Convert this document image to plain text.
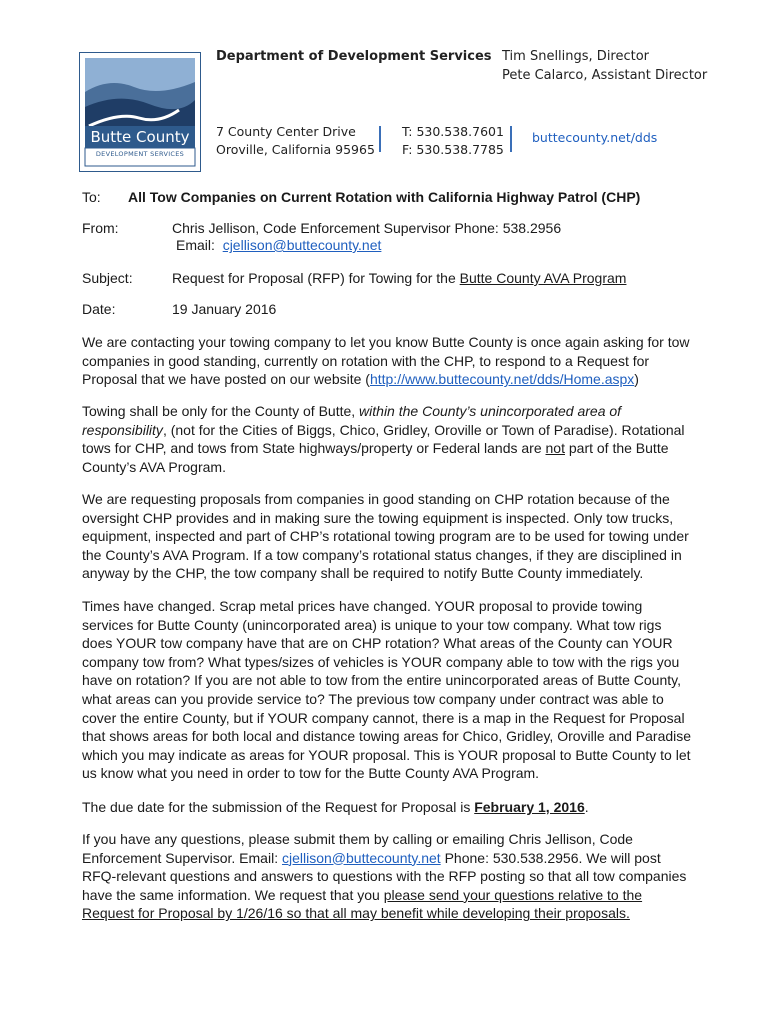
Butte County
DEVELOPMENT SERVICES
Department of Development Services Tim Snellings, Director
Pete Calarco, Assistant Director
7 County Center Drive
Oroville, California 95965
T: 530.538.7601
F: 530.538.7785
buttecounty.net/dds
To: All Tow Companies on Current Rotation with California Highway Patrol (CHP)
From:	Chris Jellison, Code Enforcement Supervisor Phone: 538.2956
Email: cjellison@buttecounty.net
Subject:	Request for Proposal (RFP) for Towing for the Butte County AVA Program
Date:	19 January 2016
We are contacting your towing company to let you know Butte County is once again asking for tow companies in good standing, currently on rotation with the CHP, to respond to a Request for Proposal that we have posted on our website (http://www.buttecounty.net/dds/Home.aspx)
Towing shall be only for the County of Butte, within the County’s unincorporated area of responsibility, (not for the Cities of Biggs, Chico, Gridley, Oroville or Town of Paradise). Rotational tows for CHP, and tows from State highways/property or Federal lands are not part of the Butte County’s AVA Program.
We are requesting proposals from companies in good standing on CHP rotation because of the oversight CHP provides and in making sure the towing equipment is inspected. Only tow trucks, equipment, inspected and part of CHP’s rotational towing program are to be used for towing under the County’s AVA Program. If a tow company’s rotational status changes, if they are disciplined in anyway by the CHP, the tow company shall be required to notify Butte County immediately.
Times have changed. Scrap metal prices have changed. YOUR proposal to provide towing services for Butte County (unincorporated area) is unique to your tow company. What tow rigs does YOUR tow company have that are on CHP rotation? What areas of the County can YOUR company tow from? What types/sizes of vehicles is YOUR company able to tow with the rigs you have on rotation? If you are not able to tow from the entire unincorporated areas of Butte County, what areas can you provide service to? The previous tow company under contract was able to cover the entire County, but if YOUR company cannot, there is a map in the Request for Proposal that shows areas for both local and distance towing areas for Chico, Gridley, Oroville and Paradise which you may indicate as areas for YOUR proposal. This is YOUR proposal to Butte County to let us know what you need in order to tow for the Butte County AVA Program.
The due date for the submission of the Request for Proposal is February 1, 2016.
If you have any questions, please submit them by calling or emailing Chris Jellison, Code Enforcement Supervisor. Email: cjellison@buttecounty.net Phone: 530.538.2956. We will post RFQ-relevant questions and answers to questions with the RFP posting so that all tow companies have the same information. We request that you please send your questions relative to the Request for Proposal by 1/26/16 so that all may benefit while developing their proposals.
